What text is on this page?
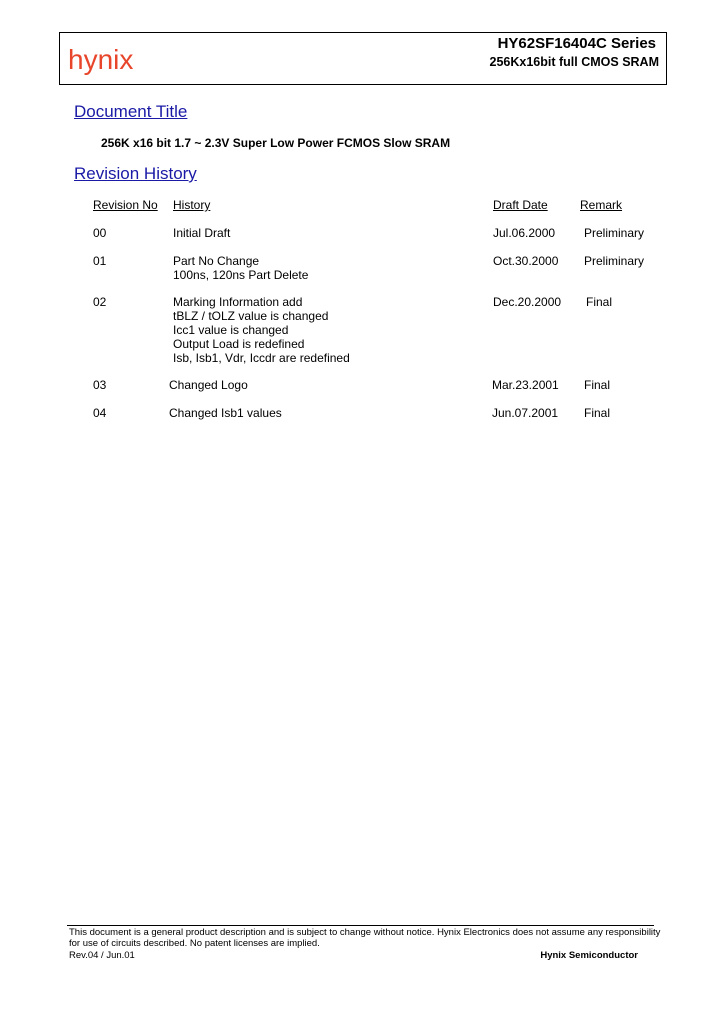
hynix
HY62SF16404C Series
256Kx16bit full CMOS SRAM
Document Title
256K x16 bit 1.7 ~ 2.3V Super Low Power FCMOS Slow SRAM
Revision History
Revision No History	Draft Date	Remark
00	Initial Draft	Jul.06.2000 Preliminary
01	Part No Change
100ns, 120ns Part Delete
Oct.30.2000 Preliminary
02	Marking Information add
tBLZ / tOLZ value is changed
Icc1 value is changed
Output Load is redefined
Isb, Isb1, Vdr, Iccdr are redefined
Dec.20.2000 Final
03	Changed Logo	Mar.23.2001 Final
04	Changed Isb1 values	Jun.07.2001 Final
This document is a general product description and is subject to change without notice. Hynix Electronics does not assume any responsibility
for use of circuits described. No patent licenses are implied.
Rev.04 / Jun.01	Hynix Semiconductor
